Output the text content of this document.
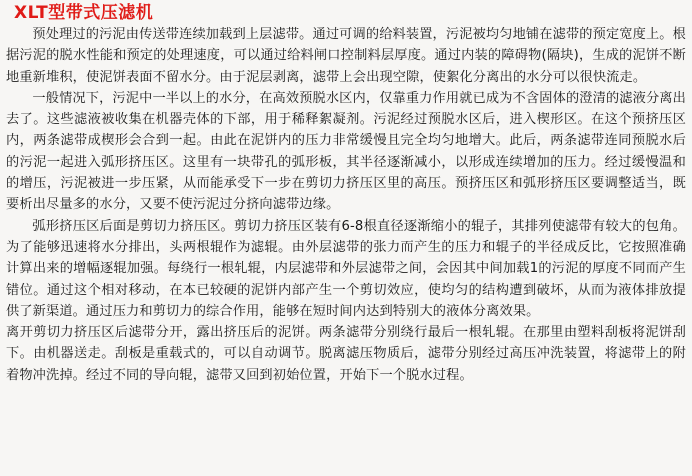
XLT型带式压滤机

预处理过的污泥由传送带连续加载到上层滤带。通过可调的给料装置，污泥被均匀地铺在滤带的预定宽度上。根据污泥的脱水性能和预定的处理速度，可以通过给料闸口控制料层厚度。通过内装的障碍物(隔块)，生成的泥饼不断地重新堆积，使泥饼表面不留水分。由于泥层剥离，滤带上会出现空隙，使絮化分离出的水分可以很快流走。

一般情况下，污泥中一半以上的水分，在高效预脱水区内，仅靠重力作用就已成为不含固体的澄清的滤液分离出去了。这些滤液被收集在机器壳体的下部，用于稀释絮凝剂。污泥经过预脱水区后，进入楔形区。在这个预挤压区内，两条滤带成楔形会合到一起。由此在泥饼内的压力非常缓慢且完全均匀地增大。此后，两条滤带连同预脱水后的污泥一起进入弧形挤压区。这里有一块带孔的弧形板，其半径逐渐减小，以形成连续增加的压力。经过缓慢温和的增压，污泥被进一步压紧，从而能承受下一步在剪切力挤压区里的高压。预挤压区和弧形挤压区要调整适当，既要析出尽量多的水分，又要不使污泥过分挤向滤带边缘。

弧形挤压区后面是剪切力挤压区。剪切力挤压区装有6-8根直径逐渐缩小的辊子，其排列使滤带有较大的包角。为了能够迅速将水分排出，头两根辊作为滤辊。由外层滤带的张力而产生的压力和辊子的半径成反比，它按照准确计算出来的增幅逐辊加强。每绕行一根轧辊，内层滤带和外层滤带之间，会因其中间加载1的污泥的厚度不同而产生错位。通过这个相对移动，在本已较硬的泥饼内部产生一个剪切效应，使均匀的结构遭到破坏，从而为液体排放提供了新渠道。通过压力和剪切力的综合作用，能够在短时间内达到特别大的液体分离效果。

离开剪切力挤压区后滤带分开，露出挤压后的泥饼。两条滤带分别绕行最后一根轧辊。在那里由塑料刮板将泥饼刮下。由机器送走。刮板是重载式的，可以自动调节。脱离滤压物质后，滤带分别经过高压冲洗装置，将滤带上的附着物冲洗掉。经过不同的导向辊，滤带又回到初始位置，开始下一个脱水过程。
